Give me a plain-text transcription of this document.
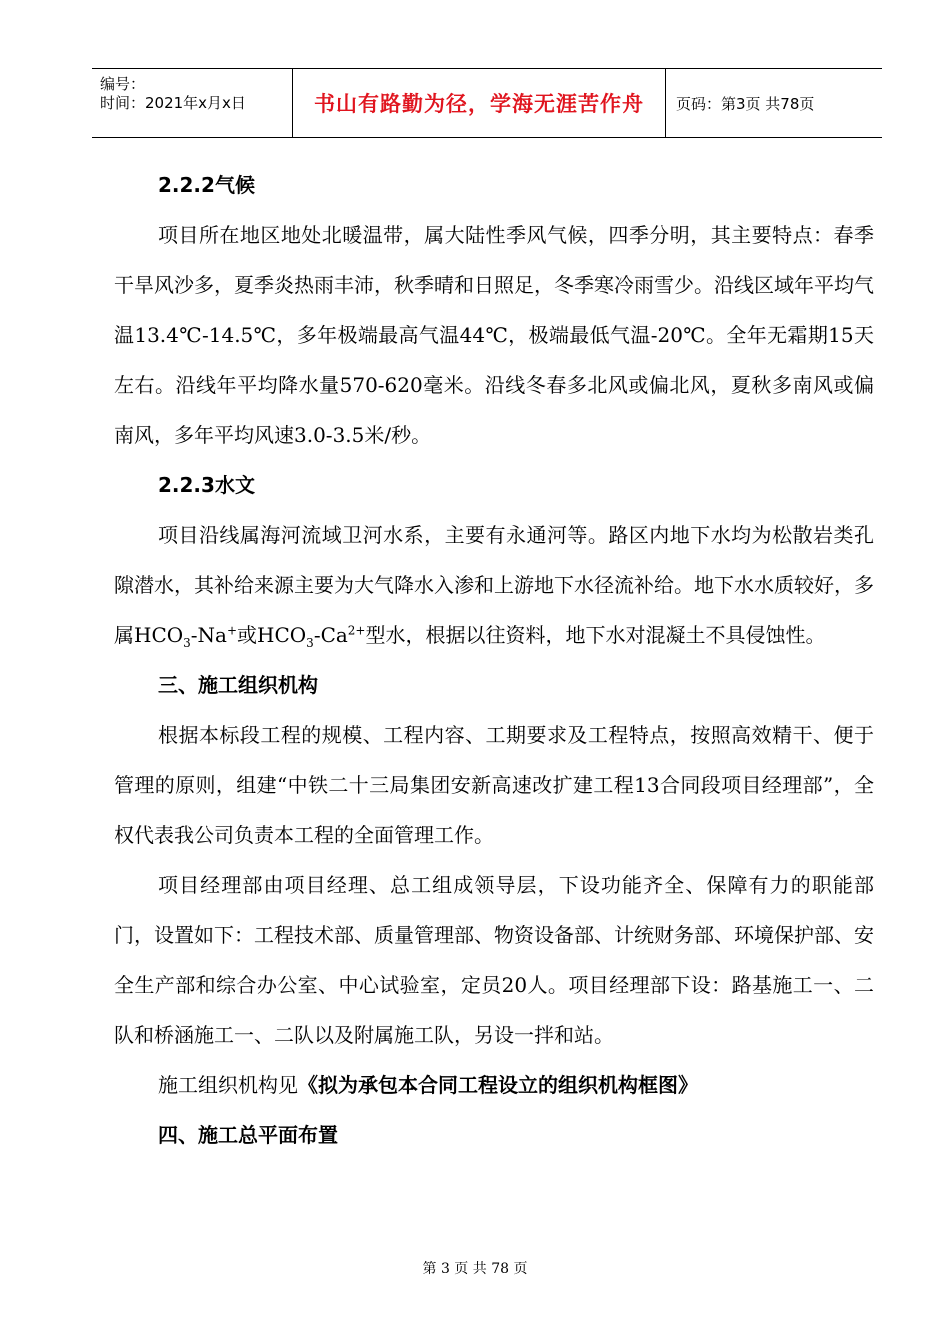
编号：
时间：2021年x月x日	书山有路勤为径，学海无涯苦作舟 页码：第3页 共78页
2.2.2气候

项目所在地区地处北暖温带，属大陆性季风气候，四季分明，其主要特点：春季干旱风沙多，夏季炎热雨丰沛，秋季晴和日照足，冬季寒冷雨雪少。沿线区域年平均气温13.4℃-14.5℃，多年极端最高气温44℃，极端最低气温-20℃。全年无霜期15天左右。沿线年平均降水量570-620毫米。沿线冬春多北风或偏北风，夏秋多南风或偏南风，多年平均风速3.0-3.5米/秒。

2.2.3水文

项目沿线属海河流域卫河水系，主要有永通河等。路区内地下水均为松散岩类孔隙潜水，其补给来源主要为大气降水入渗和上游地下水径流补给。地下水水质较好，多属$HCO_3-Na^+$或$HCO_3-Ca^{2+}$型水，根据以往资料，地下水对混凝土不具侵蚀性。

三、施工组织机构

根据本标段工程的规模、工程内容、工期要求及工程特点，按照高效精干、便于管理的原则，组建“中铁二十三局集团安新高速改扩建工程13合同段项目经理部”，全权代表我公司负责本工程的全面管理工作。

项目经理部由项目经理、总工组成领导层，下设功能齐全、保障有力的职能部门，设置如下：工程技术部、质量管理部、物资设备部、计统财务部、环境保护部、安全生产部和综合办公室、中心试验室，定员20人。项目经理部下设：路基施工一、二队和桥涵施工一、二队以及附属施工队，另设一拌和站。

施工组织机构见《拟为承包本合同工程设立的组织机构框图》

四、施工总平面布置
第 3 页 共 78 页
